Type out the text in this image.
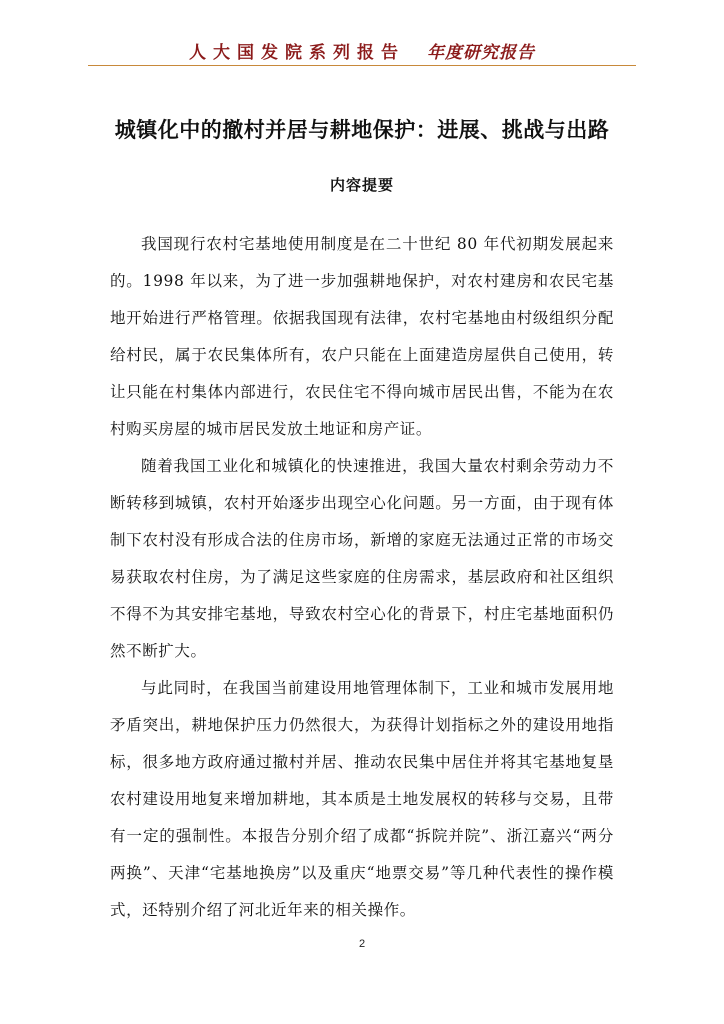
人大国发院系列报告 年度研究报告
城镇化中的撤村并居与耕地保护：进展、挑战与出路
内容提要

我国现行农村宅基地使用制度是在二十世纪 80 年代初期发展起来的。1998 年以来，为了进一步加强耕地保护，对农村建房和农民宅基地开始进行严格管理。依据我国现有法律，农村宅基地由村级组织分配给村民，属于农民集体所有，农户只能在上面建造房屋供自己使用，转让只能在村集体内部进行，农民住宅不得向城市居民出售，不能为在农村购买房屋的城市居民发放土地证和房产证。

随着我国工业化和城镇化的快速推进，我国大量农村剩余劳动力不断转移到城镇，农村开始逐步出现空心化问题。另一方面，由于现有体制下农村没有形成合法的住房市场，新增的家庭无法通过正常的市场交易获取农村住房，为了满足这些家庭的住房需求，基层政府和社区组织不得不为其安排宅基地，导致农村空心化的背景下，村庄宅基地面积仍然不断扩大。

与此同时，在我国当前建设用地管理体制下，工业和城市发展用地矛盾突出，耕地保护压力仍然很大，为获得计划指标之外的建设用地指标，很多地方政府通过撤村并居、推动农民集中居住并将其宅基地复垦农村建设用地复来增加耕地，其本质是土地发展权的转移与交易，且带有一定的强制性。本报告分别介绍了成都“拆院并院”、浙江嘉兴“两分两换”、天津“宅基地换房”以及重庆“地票交易”等几种代表性的操作模式，还特别介绍了河北近年来的相关操作。

2
